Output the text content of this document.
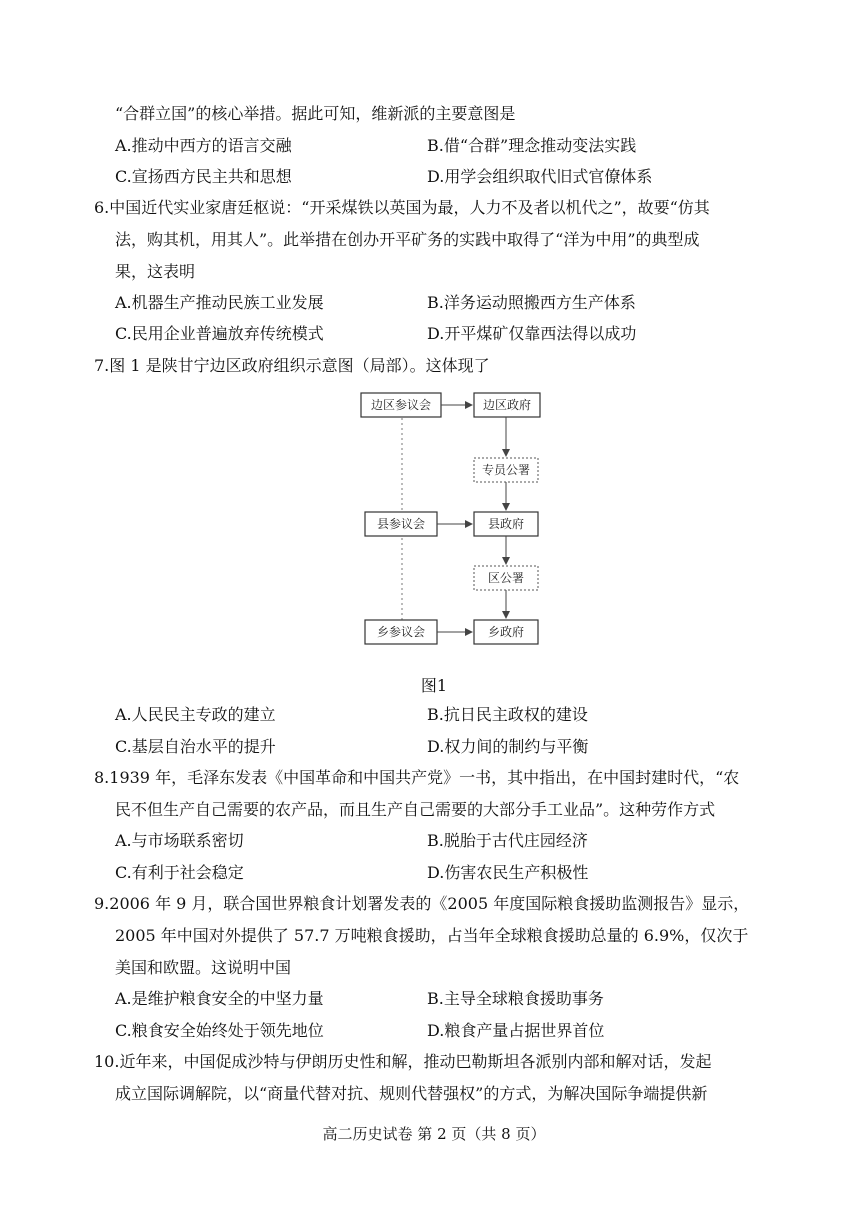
“合群立国”的核心举措。据此可知，维新派的主要意图是
A.推动中西方的语言交融	B.借“合群”理念推动变法实践
C.宣扬西方民主共和思想	D.用学会组织取代旧式官僚体系
6.中国近代实业家唐廷枢说：“开采煤铁以英国为最，人力不及者以机代之”，故要“仿其
法，购其机，用其人”。此举措在创办开平矿务的实践中取得了“洋为中用”的典型成
果，这表明
A.机器生产推动民族工业发展	B.洋务运动照搬西方生产体系
C.民用企业普遍放弃传统模式	D.开平煤矿仅靠西法得以成功
7.图 1 是陕甘宁边区政府组织示意图（局部）。这体现了
边区参议会	边区政府
专员公署
县参议会	县政府
区公署
乡参议会	乡政府
图1
A.人民民主专政的建立	B.抗日民主政权的建设
C.基层自治水平的提升	D.权力间的制约与平衡
8.1939 年，毛泽东发表《中国革命和中国共产党》一书，其中指出，在中国封建时代，“农
民不但生产自己需要的农产品，而且生产自己需要的大部分手工业品”。这种劳作方式
A.与市场联系密切	B.脱胎于古代庄园经济
C.有利于社会稳定	D.伤害农民生产积极性
9.2006 年 9 月，联合国世界粮食计划署发表的《2005 年度国际粮食援助监测报告》显示，
2005 年中国对外提供了 57.7 万吨粮食援助，占当年全球粮食援助总量的 6.9%，仅次于
美国和欧盟。这说明中国
A.是维护粮食安全的中坚力量	B.主导全球粮食援助事务
C.粮食安全始终处于领先地位	D.粮食产量占据世界首位
10.近年来，中国促成沙特与伊朗历史性和解，推动巴勒斯坦各派别内部和解对话，发起
成立国际调解院，以“商量代替对抗、规则代替强权”的方式，为解决国际争端提供新
高二历史试卷 第 2 页（共 8 页）
